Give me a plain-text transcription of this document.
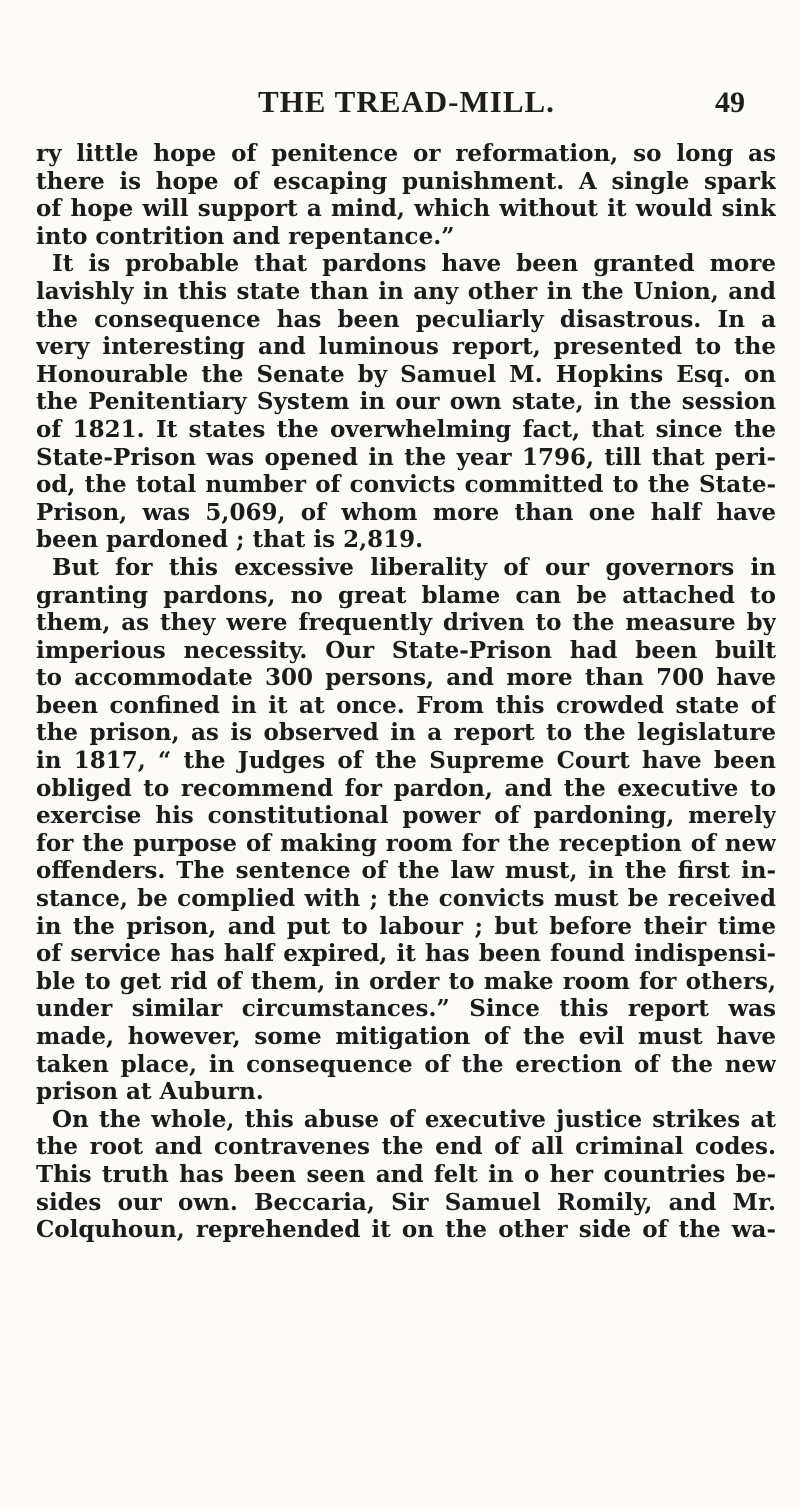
THE TREAD-MILL.	49
ry little hope of penitence or reformation, so long as
there is hope of escaping punishment. A single spark
of hope will support a mind, which without it would sink
into contrition and repentance.”
It is probable that pardons have been granted more
lavishly in this state than in any other in the Union, and
the consequence has been peculiarly disastrous. In a
very interesting and luminous report, presented to the
Honourable the Senate by Samuel M. Hopkins Esq. on
the Penitentiary System in our own state, in the session
of 1821. It states the overwhelming fact, that since the
State-Prison was opened in the year 1796, till that peri-
od, the total number of convicts committed to the State-
Prison, was 5,069, of whom more than one half have
been pardoned ; that is 2,819.
But for this excessive liberality of our governors in
granting pardons, no great blame can be attached to
them, as they were frequently driven to the measure by
imperious necessity. Our State-Prison had been built
to accommodate 300 persons, and more than 700 have
been confined in it at once. From this crowded state of
the prison, as is observed in a report to the legislature
in 1817, “ the Judges of the Supreme Court have been
obliged to recommend for pardon, and the executive to
exercise his constitutional power of pardoning, merely
for the purpose of making room for the reception of new
offenders. The sentence of the law must, in the first in-
stance, be complied with ; the convicts must be received
in the prison, and put to labour ; but before their time
of service has half expired, it has been found indispensi-
ble to get rid of them, in order to make room for others,
under similar circumstances.” Since this report was
made, however, some mitigation of the evil must have
taken place, in consequence of the erection of the new
prison at Auburn.
On the whole, this abuse of executive justice strikes at
the root and contravenes the end of all criminal codes.
This truth has been seen and felt in o her countries be-
sides our own. Beccaria, Sir Samuel Romily, and Mr.
Colquhoun, reprehended it on the other side of the wa-
